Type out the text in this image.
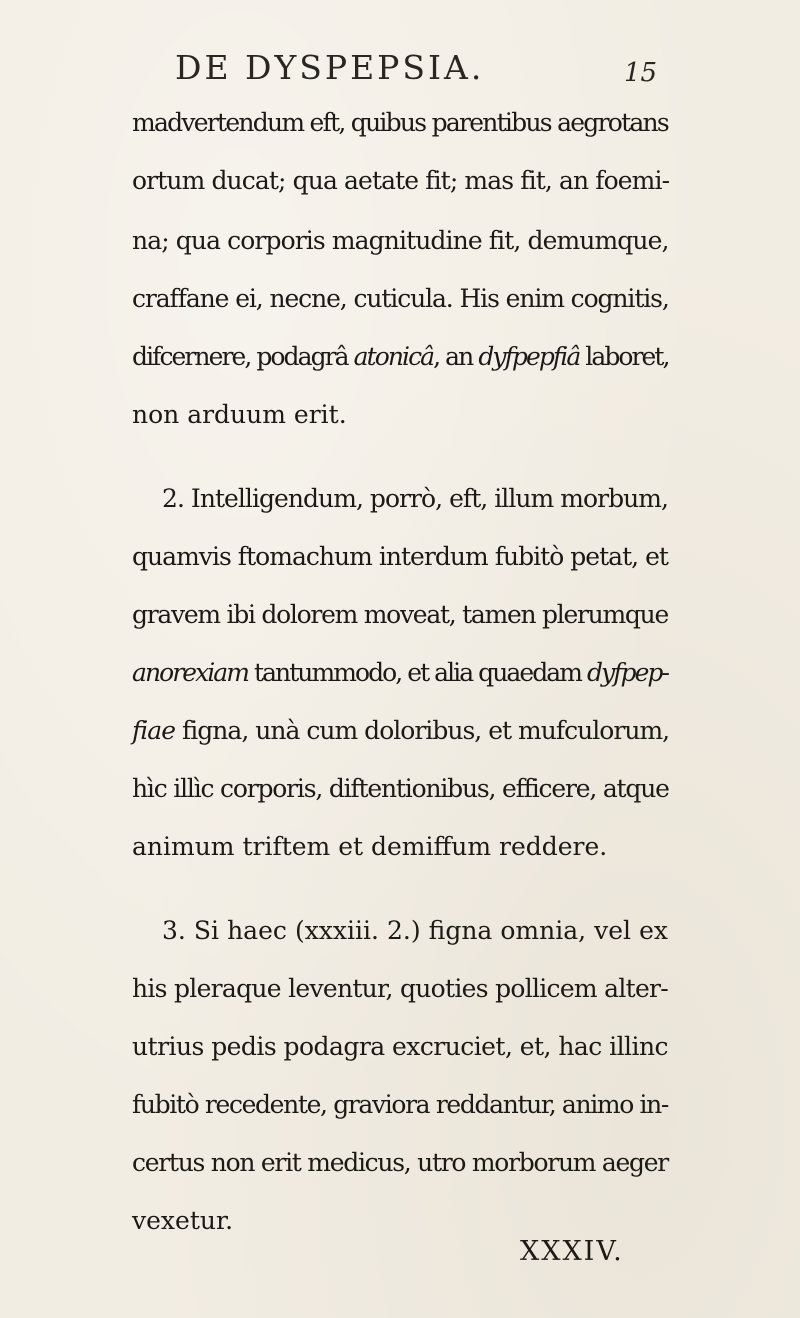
DE DYSPEPSIA.	15
madvertendum eft, quibus parentibus aegrotans
ortum ducat; qua aetate fit; mas fit, an foemi-
na; qua corporis magnitudine fit, demumque,
craffane ei, necne, cuticula. His enim cognitis,
difcernere, podagrâ atonicâ, an dyfpepfiâ laboret,
non arduum erit.
2. Intelligendum, porrò, eft, illum morbum,
quamvis ftomachum interdum fubitò petat, et
gravem ibi dolorem moveat, tamen plerumque
anorexiam tantummodo, et alia quaedam dyfpep-
fiae figna, unà cum doloribus, et mufculorum,
hìc illìc corporis, diftentionibus, efficere, atque
animum triftem et demiffum reddere.
3. Si haec (xxxiii. 2.) figna omnia, vel ex
his pleraque leventur, quoties pollicem alter-
utrius pedis podagra excruciet, et, hac illinc
fubitò recedente, graviora reddantur, animo in-
certus non erit medicus, utro morborum aeger
vexetur.
XXXIV.
